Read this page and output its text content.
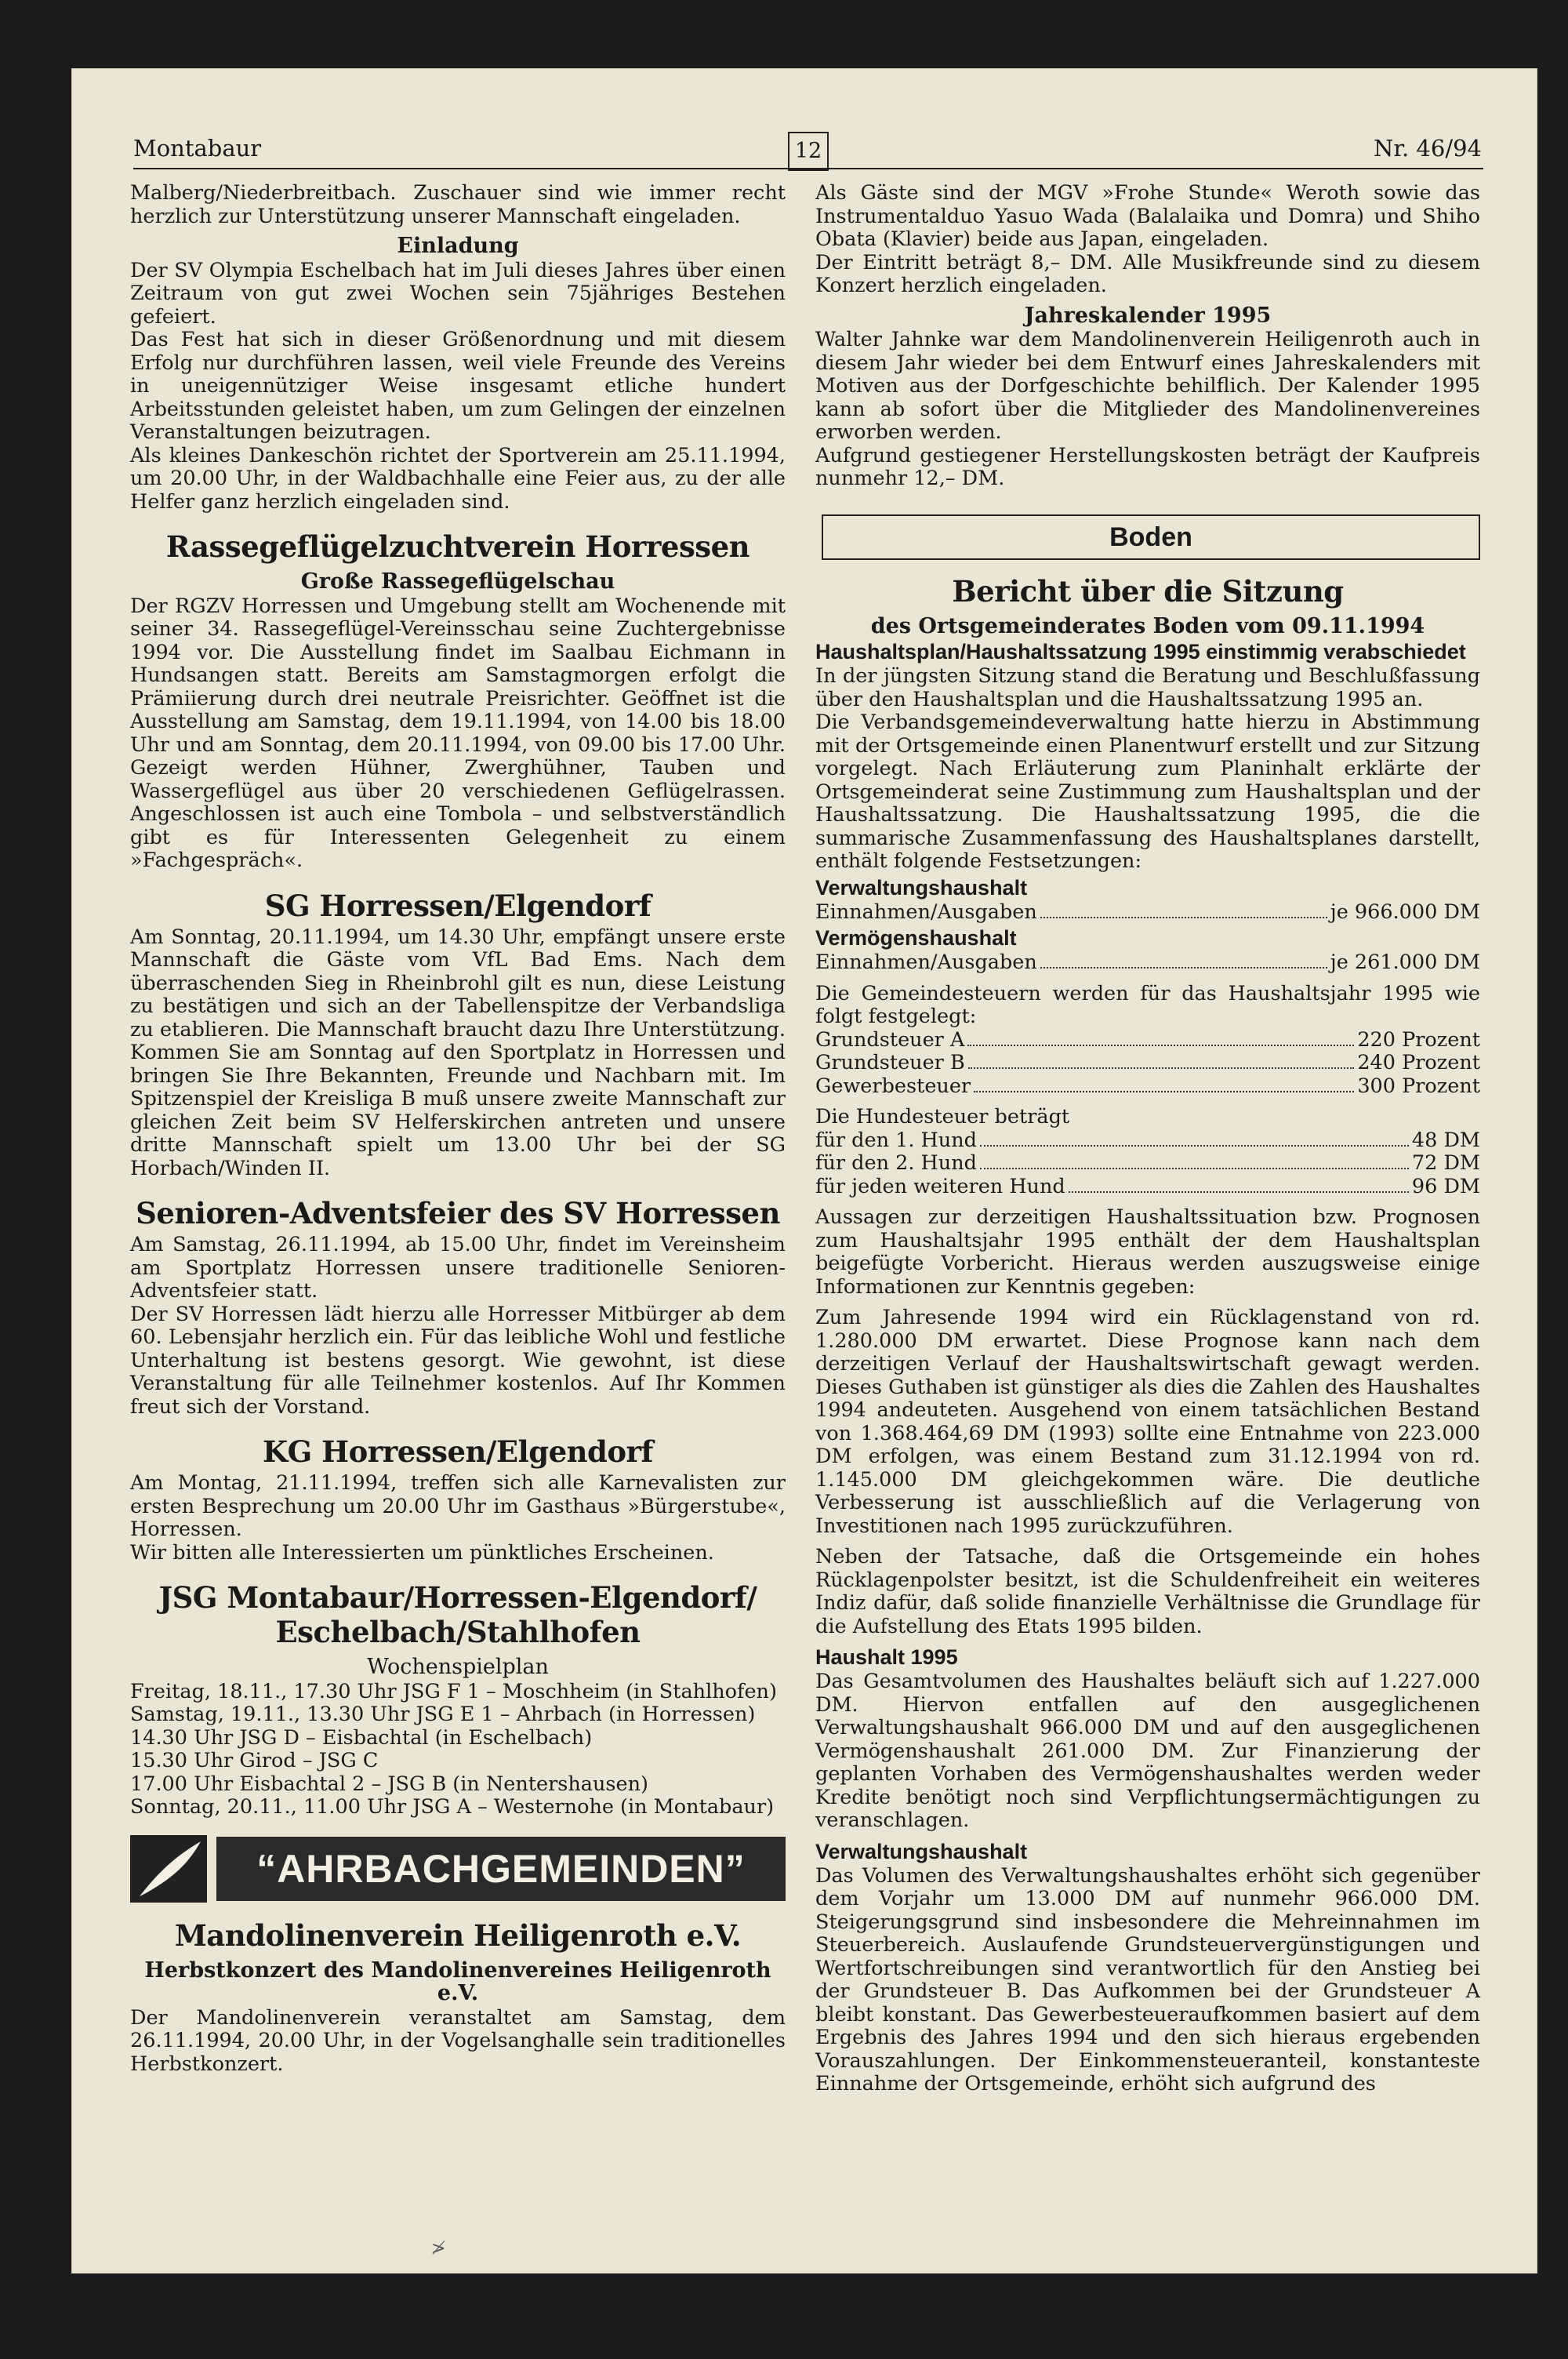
Montabaur	12	Nr. 46/94

Malberg/Niederbreitbach. Zuschauer sind wie immer recht herzlich zur Unterstützung unserer Mannschaft eingeladen.

Einladung

Der SV Olympia Eschelbach hat im Juli dieses Jahres über einen Zeitraum von gut zwei Wochen sein 75jähriges Bestehen gefeiert.

Das Fest hat sich in dieser Größenordnung und mit diesem Erfolg nur durchführen lassen, weil viele Freunde des Vereins in uneigennütziger Weise insgesamt etliche hundert Arbeitsstunden geleistet haben, um zum Gelingen der einzelnen Veranstaltungen beizutragen.

Als kleines Dankeschön richtet der Sportverein am 25.11.1994, um 20.00 Uhr, in der Waldbachhalle eine Feier aus, zu der alle Helfer ganz herzlich eingeladen sind.

Rassegeflügelzuchtverein Horressen
Große Rassegeflügelschau

Der RGZV Horressen und Umgebung stellt am Wochenende mit seiner 34. Rassegeflügel-Vereinsschau seine Zuchtergebnisse 1994 vor. Die Ausstellung findet im Saalbau Eichmann in Hundsangen statt. Bereits am Samstagmorgen erfolgt die Prämiierung durch drei neutrale Preisrichter. Geöffnet ist die Ausstellung am Samstag, dem 19.11.1994, von 14.00 bis 18.00 Uhr und am Sonntag, dem 20.11.1994, von 09.00 bis 17.00 Uhr. Gezeigt werden Hühner, Zwerghühner, Tauben und Wassergeflügel aus über 20 verschiedenen Geflügelrassen. Angeschlossen ist auch eine Tombola – und selbstverständlich gibt es für Interessenten Gelegenheit zu einem »Fachgespräch«.

SG Horressen/Elgendorf

Am Sonntag, 20.11.1994, um 14.30 Uhr, empfängt unsere erste Mannschaft die Gäste vom VfL Bad Ems. Nach dem überraschenden Sieg in Rheinbrohl gilt es nun, diese Leistung zu bestätigen und sich an der Tabellenspitze der Verbandsliga zu etablieren. Die Mannschaft braucht dazu Ihre Unterstützung. Kommen Sie am Sonntag auf den Sportplatz in Horressen und bringen Sie Ihre Bekannten, Freunde und Nachbarn mit. Im Spitzenspiel der Kreisliga B muß unsere zweite Mannschaft zur gleichen Zeit beim SV Helferskirchen antreten und unsere dritte Mannschaft spielt um 13.00 Uhr bei der SG Horbach/Winden II.

Senioren-Adventsfeier des SV Horressen

Am Samstag, 26.11.1994, ab 15.00 Uhr, findet im Vereinsheim am Sportplatz Horressen unsere traditionelle Senioren-Adventsfeier statt.

Der SV Horressen lädt hierzu alle Horresser Mitbürger ab dem 60. Lebensjahr herzlich ein. Für das leibliche Wohl und festliche Unterhaltung ist bestens gesorgt. Wie gewohnt, ist diese Veranstaltung für alle Teilnehmer kostenlos. Auf Ihr Kommen freut sich der Vorstand.

KG Horressen/Elgendorf

Am Montag, 21.11.1994, treffen sich alle Karnevalisten zur ersten Besprechung um 20.00 Uhr im Gasthaus »Bürgerstube«, Horressen.

Wir bitten alle Interessierten um pünktliches Erscheinen.

JSG Montabaur/Horressen-Elgendorf/
Eschelbach/Stahlhofen
Wochenspielplan

Freitag, 18.11., 17.30 Uhr JSG F 1 – Moschheim (in Stahlhofen)

Samstag, 19.11., 13.30 Uhr JSG E 1 – Ahrbach (in Horressen)

14.30 Uhr JSG D – Eisbachtal (in Eschelbach)

15.30 Uhr Girod – JSG C

17.00 Uhr Eisbachtal 2 – JSG B (in Nentershausen)

Sonntag, 20.11., 11.00 Uhr JSG A – Westernohe (in Montabaur)

“AHRBACHGEMEINDEN”
Mandolinenverein Heiligenroth e.V.
Herbstkonzert des Mandolinenvereines Heiligenroth e.V.

Der Mandolinenverein veranstaltet am Samstag, dem 26.11.1994, 20.00 Uhr, in der Vogelsanghalle sein traditionelles Herbstkonzert.

Als Gäste sind der MGV »Frohe Stunde« Weroth sowie das Instrumentalduo Yasuo Wada (Balalaika und Domra) und Shiho Obata (Klavier) beide aus Japan, eingeladen.

Der Eintritt beträgt 8,– DM. Alle Musikfreunde sind zu diesem Konzert herzlich eingeladen.

Jahreskalender 1995

Walter Jahnke war dem Mandolinenverein Heiligenroth auch in diesem Jahr wieder bei dem Entwurf eines Jahreskalenders mit Motiven aus der Dorfgeschichte behilflich. Der Kalender 1995 kann ab sofort über die Mitglieder des Mandolinenvereines erworben werden.

Aufgrund gestiegener Herstellungskosten beträgt der Kaufpreis nunmehr 12,– DM.

Boden
Bericht über die Sitzung
des Ortsgemeinderates Boden vom 09.11.1994
Haushaltsplan/Haushaltssatzung 1995 einstimmig verabschiedet

In der jüngsten Sitzung stand die Beratung und Beschlußfassung über den Haushaltsplan und die Haushaltssatzung 1995 an.

Die Verbandsgemeindeverwaltung hatte hierzu in Abstimmung mit der Ortsgemeinde einen Planentwurf erstellt und zur Sitzung vorgelegt. Nach Erläuterung zum Planinhalt erklärte der Ortsgemeinderat seine Zustimmung zum Haushaltsplan und der Haushaltssatzung. Die Haushaltssatzung 1995, die die summarische Zusammenfassung des Haushaltsplanes darstellt, enthält folgende Festsetzungen:

Verwaltungshaushalt
Einnahmen/Ausgaben	je 966.000 DM
Vermögenshaushalt
Einnahmen/Ausgaben	je 261.000 DM

Die Gemeindesteuern werden für das Haushaltsjahr 1995 wie folgt festgelegt:

Grundsteuer A	220 Prozent
Grundsteuer B	240 Prozent
Gewerbesteuer	300 Prozent

Die Hundesteuer beträgt

für den 1. Hund	48 DM
für den 2. Hund	72 DM
für jeden weiteren Hund	96 DM

Aussagen zur derzeitigen Haushaltssituation bzw. Prognosen zum Haushaltsjahr 1995 enthält der dem Haushaltsplan beigefügte Vorbericht. Hieraus werden auszugsweise einige Informationen zur Kenntnis gegeben:

Zum Jahresende 1994 wird ein Rücklagenstand von rd. 1.280.000 DM erwartet. Diese Prognose kann nach dem derzeitigen Verlauf der Haushaltswirtschaft gewagt werden. Dieses Guthaben ist günstiger als dies die Zahlen des Haushaltes 1994 andeuteten. Ausgehend von einem tatsächlichen Bestand von 1.368.464,69 DM (1993) sollte eine Entnahme von 223.000 DM erfolgen, was einem Bestand zum 31.12.1994 von rd. 1.145.000 DM gleichgekommen wäre. Die deutliche Verbesserung ist ausschließlich auf die Verlagerung von Investitionen nach 1995 zurückzuführen.

Neben der Tatsache, daß die Ortsgemeinde ein hohes Rücklagenpolster besitzt, ist die Schuldenfreiheit ein weiteres Indiz dafür, daß solide finanzielle Verhältnisse die Grundlage für die Aufstellung des Etats 1995 bilden.

Haushalt 1995

Das Gesamtvolumen des Haushaltes beläuft sich auf 1.227.000 DM. Hiervon entfallen auf den ausgeglichenen Verwaltungshaushalt 966.000 DM und auf den ausgeglichenen Vermögenshaushalt 261.000 DM. Zur Finanzierung der geplanten Vorhaben des Vermögenshaushaltes werden weder Kredite benötigt noch sind Verpflichtungsermächtigungen zu veranschlagen.

Verwaltungshaushalt

Das Volumen des Verwaltungshaushaltes erhöht sich gegenüber dem Vorjahr um 13.000 DM auf nunmehr 966.000 DM. Steigerungsgrund sind insbesondere die Mehreinnahmen im Steuerbereich. Auslaufende Grundsteuervergünstigungen und Wertfortschreibungen sind verantwortlich für den Anstieg bei der Grundsteuer B. Das Aufkommen bei der Grundsteuer A bleibt konstant. Das Gewerbesteueraufkommen basiert auf dem Ergebnis des Jahres 1994 und den sich hieraus ergebenden Vorauszahlungen. Der Einkommensteueranteil, konstanteste Einnahme der Ortsgemeinde, erhöht sich aufgrund des

≯
